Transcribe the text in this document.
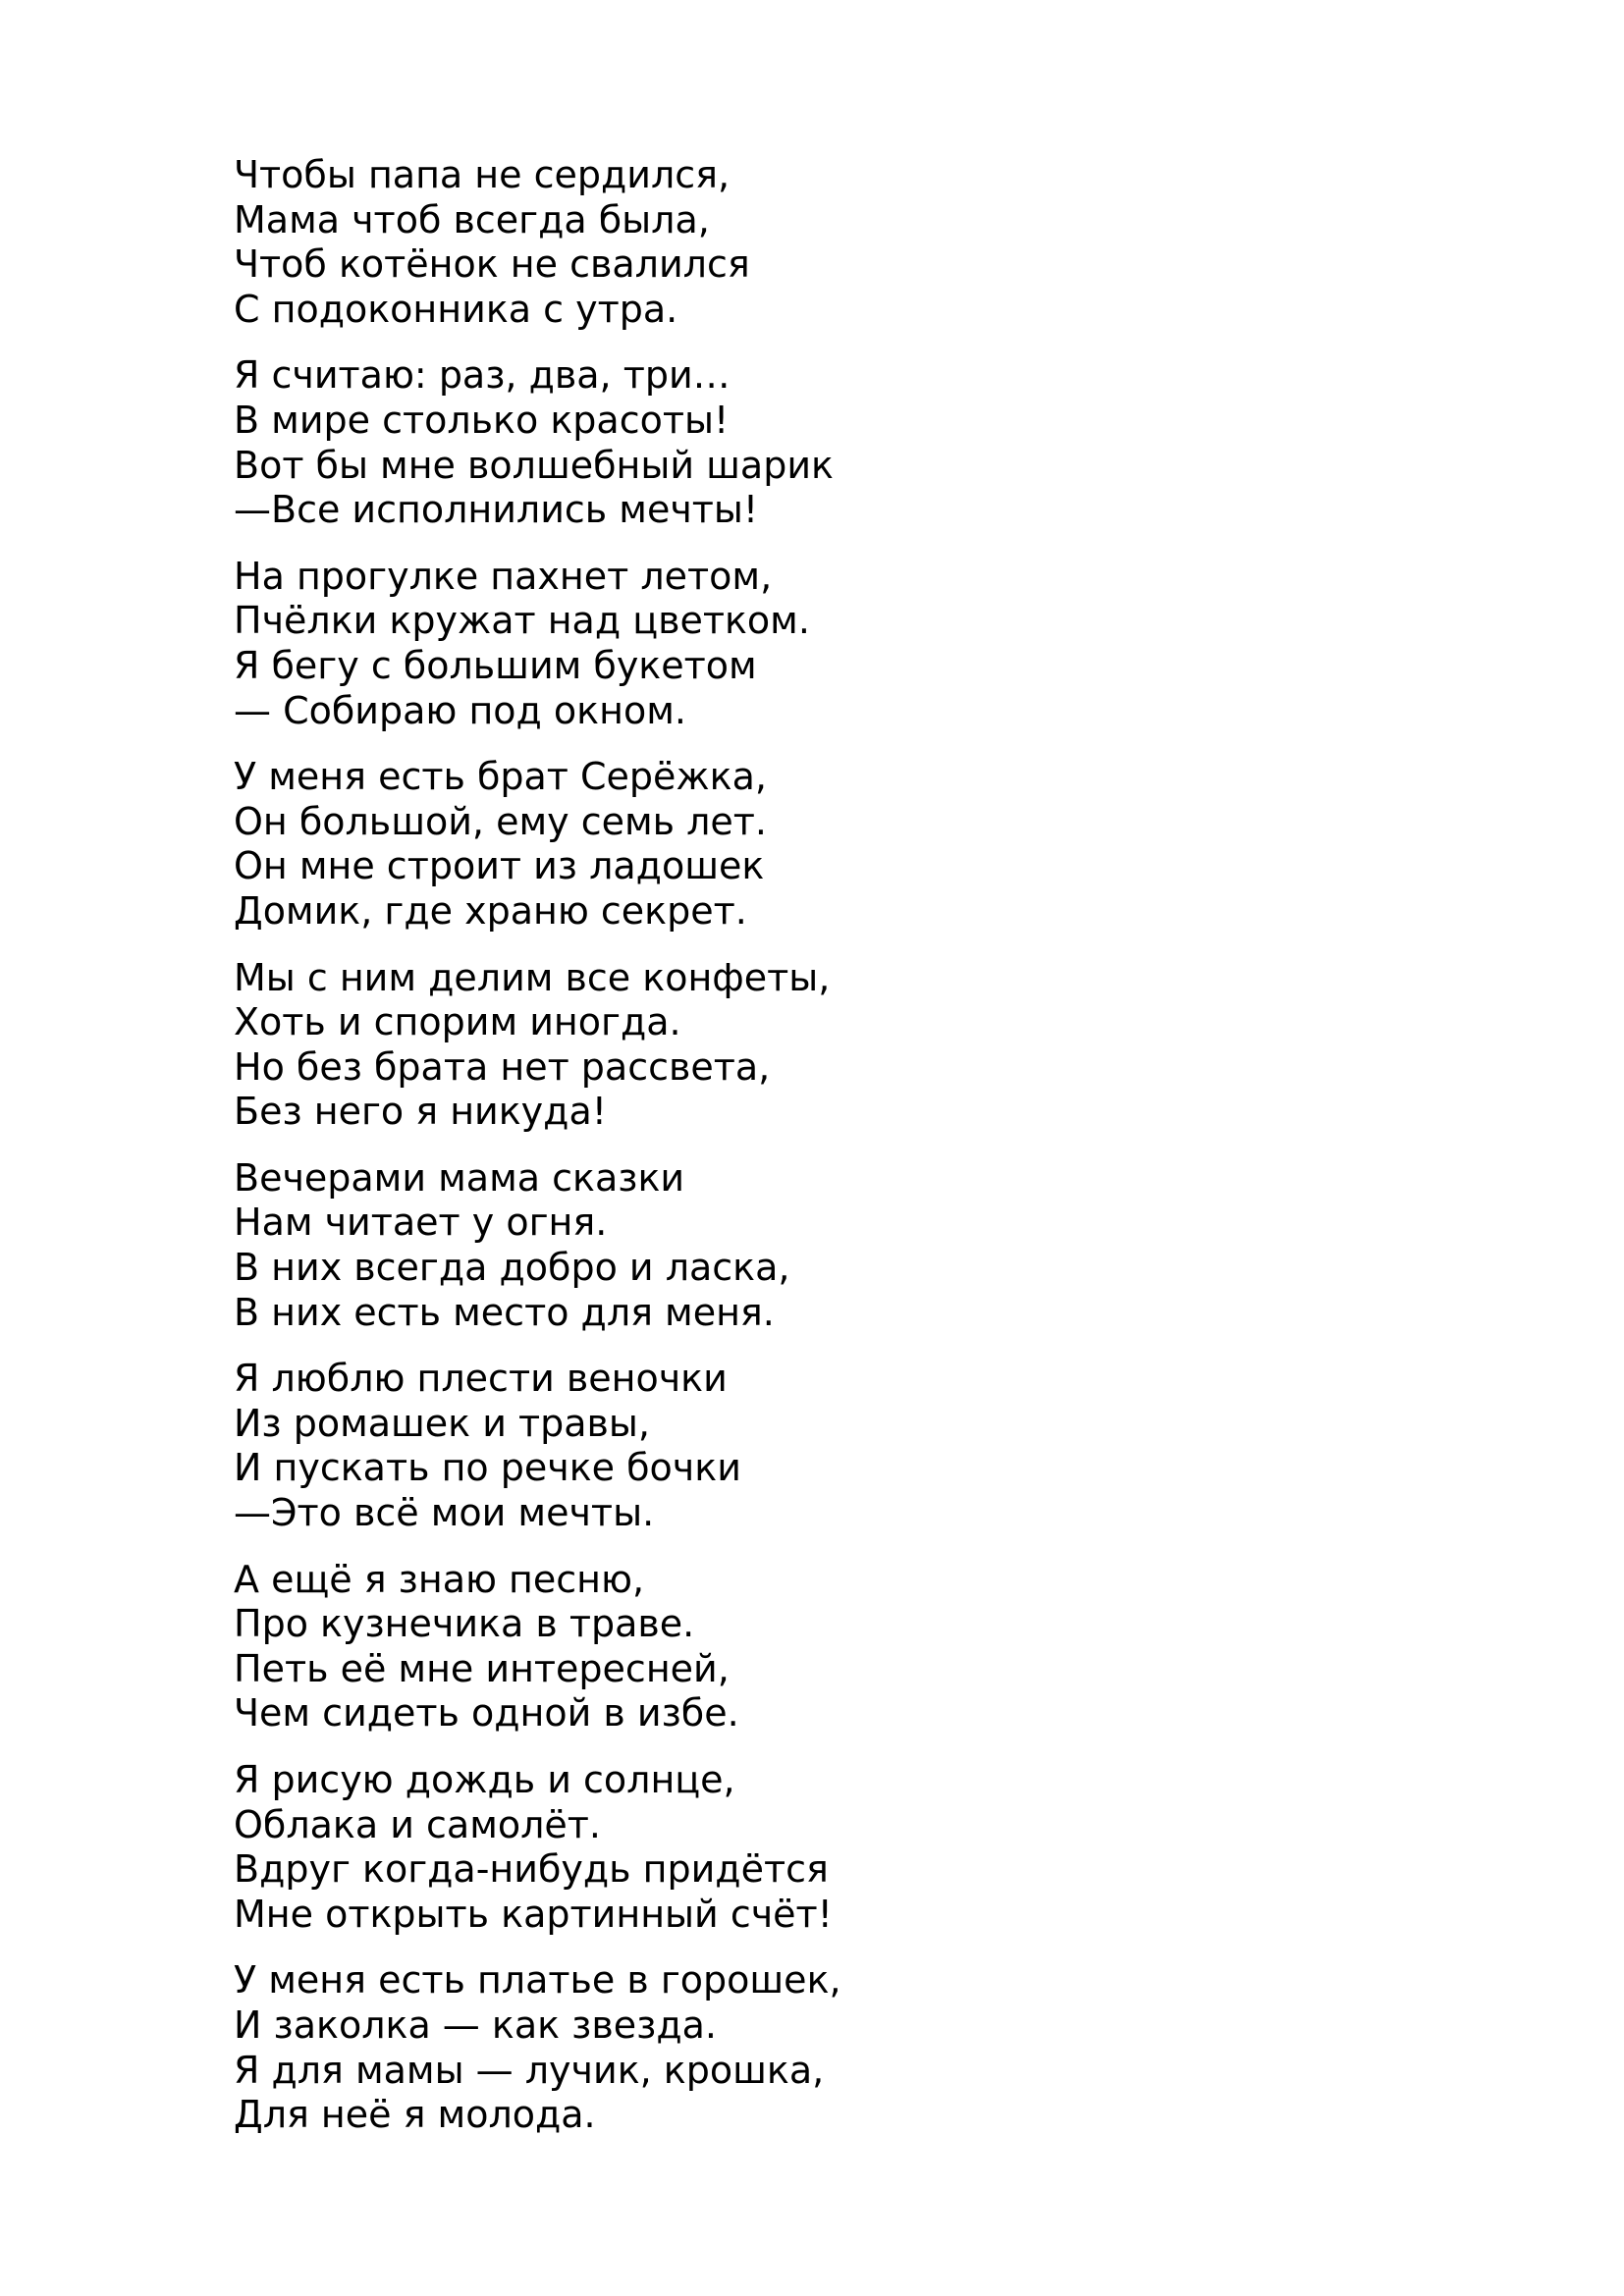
Чтобы папа не сердился,
Мама чтоб всегда была,
Чтоб котёнок не свалился
С подоконника с утра.
Я считаю: раз, два, три…
В мире столько красоты!
Вот бы мне волшебный шарик
—Все исполнились мечты!
На прогулке пахнет летом,
Пчёлки кружат над цветком.
Я бегу с большим букетом
— Собираю под окном.
У меня есть брат Серёжка,
Он большой, ему семь лет.
Он мне строит из ладошек
Домик, где храню секрет.
Мы с ним делим все конфеты,
Хоть и спорим иногда.
Но без брата нет рассвета,
Без него я никуда!
Вечерами мама сказки
Нам читает у огня.
В них всегда добро и ласка,
В них есть место для меня.
Я люблю плести веночки
Из ромашек и травы,
И пускать по речке бочки
—Это всё мои мечты.
А ещё я знаю песню,
Про кузнечика в траве.
Петь её мне интересней,
Чем сидеть одной в избе.
Я рисую дождь и солнце,
Облака и самолёт.
Вдруг когда-нибудь придётся
Мне открыть картинный счёт!
У меня есть платье в горошек,
И заколка — как звезда.
Я для мамы — лучик, крошка,
Для неё я молода.
